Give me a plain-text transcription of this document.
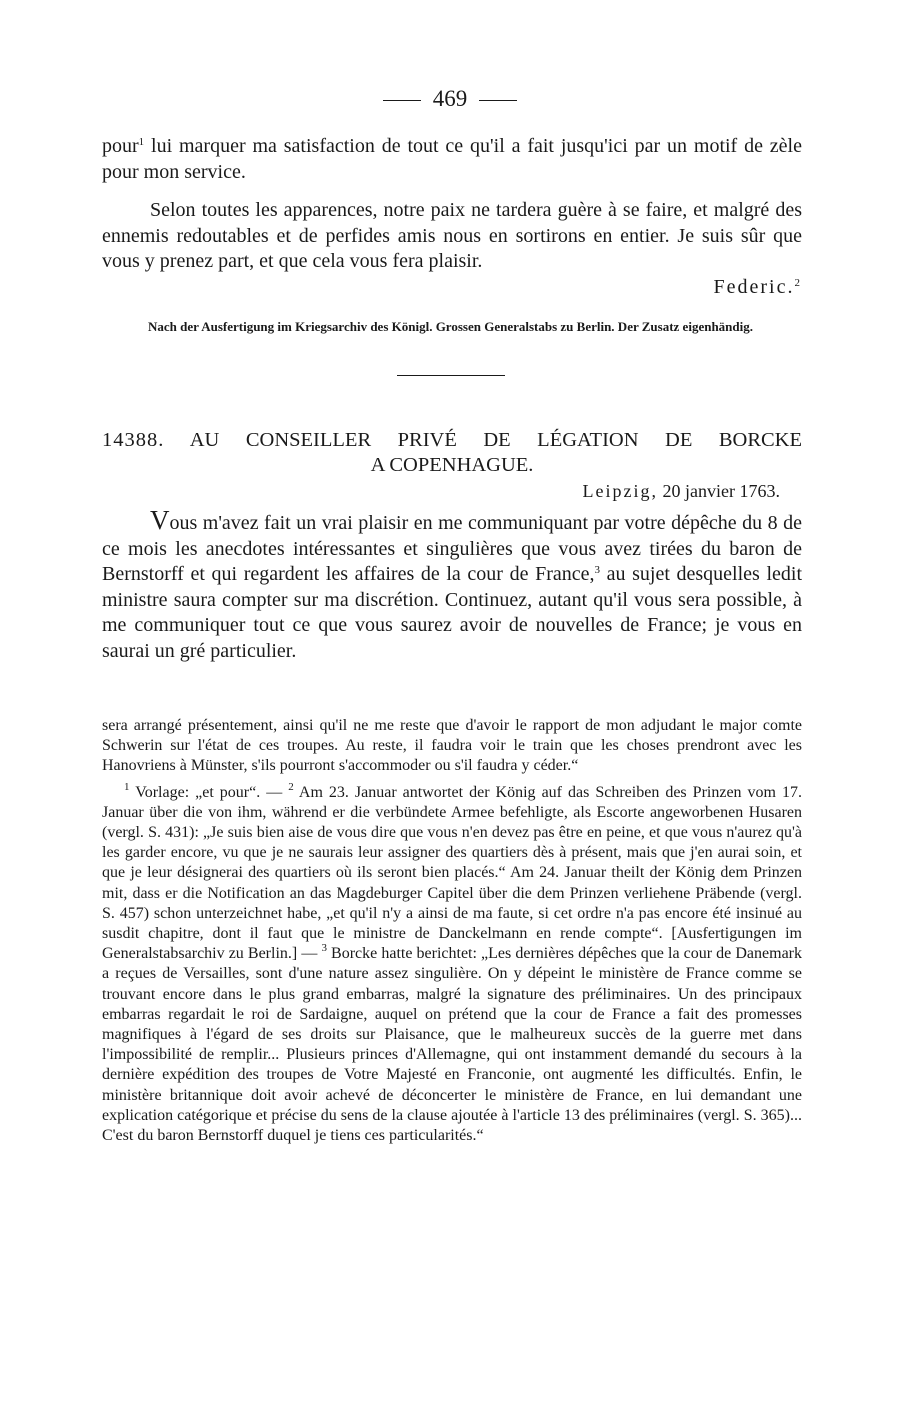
469

pour$^1$ lui marquer ma satisfaction de tout ce qu'il a fait jusqu'ici par un motif de zèle pour mon service.

Selon toutes les apparences, notre paix ne tardera guère à se faire, et malgré des ennemis redoutables et de perfides amis nous en sortirons en entier. Je suis sûr que vous y prenez part, et que cela vous fera plaisir.

Federic.$^2$

Nach der Ausfertigung im Kriegsarchiv des Königl. Grossen Generalstabs zu Berlin. Der Zusatz eigenhändig.
14388. AU CONSEILLER PRIVÉ DE LÉGATION DE BORCKE
A COPENHAGUE.
Leipzig, 20 janvier 1763.

Vous m'avez fait un vrai plaisir en me communiquant par votre dépêche du 8 de ce mois les anecdotes intéressantes et singulières que vous avez tirées du baron de Bernstorff et qui regardent les affaires de la cour de France,$^3$ au sujet desquelles ledit ministre saura compter sur ma discrétion. Continuez, autant qu'il vous sera possible, à me communiquer tout ce que vous saurez avoir de nouvelles de France; je vous en saurai un gré particulier.

sera arrangé présentement, ainsi qu'il ne me reste que d'avoir le rapport de mon adjudant le major comte Schwerin sur l'état de ces troupes. Au reste, il faudra voir le train que les choses prendront avec les Hanovriens à Münster, s'ils pourront s'accommoder ou s'il faudra y céder.“

$^1$ Vorlage: „et pour“. — $^2$ Am 23. Januar antwortet der König auf das Schreiben des Prinzen vom 17. Januar über die von ihm, während er die verbündete Armee befehligte, als Escorte angeworbenen Husaren (vergl. S. 431): „Je suis bien aise de vous dire que vous n'en devez pas être en peine, et que vous n'aurez qu'à les garder encore, vu que je ne saurais leur assigner des quartiers dès à présent, mais que j'en aurai soin, et que je leur désignerai des quartiers où ils seront bien placés.“ Am 24. Januar theilt der König dem Prinzen mit, dass er die Notification an das Magdeburger Capitel über die dem Prinzen verliehene Präbende (vergl. S. 457) schon unterzeichnet habe, „et qu'il n'y a ainsi de ma faute, si cet ordre n'a pas encore été insinué au susdit chapitre, dont il faut que le ministre de Danckelmann en rende compte“. [Ausfertigungen im Generalstabsarchiv zu Berlin.] — $^3$ Borcke hatte berichtet: „Les dernières dépêches que la cour de Danemark a reçues de Versailles, sont d'une nature assez singulière. On y dépeint le ministère de France comme se trouvant encore dans le plus grand embarras, malgré la signature des préliminaires. Un des principaux embarras regardait le roi de Sardaigne, auquel on prétend que la cour de France a fait des promesses magnifiques à l'égard de ses droits sur Plaisance, que le malheureux succès de la guerre met dans l'impossibilité de remplir... Plusieurs princes d'Allemagne, qui ont instamment demandé du secours à la dernière expédition des troupes de Votre Majesté en Franconie, ont augmenté les difficultés. Enfin, le ministère britannique doit avoir achevé de déconcerter le ministère de France, en lui demandant une explication catégorique et précise du sens de la clause ajoutée à l'article 13 des préliminaires (vergl. S. 365)... C'est du baron Bernstorff duquel je tiens ces particularités.“
